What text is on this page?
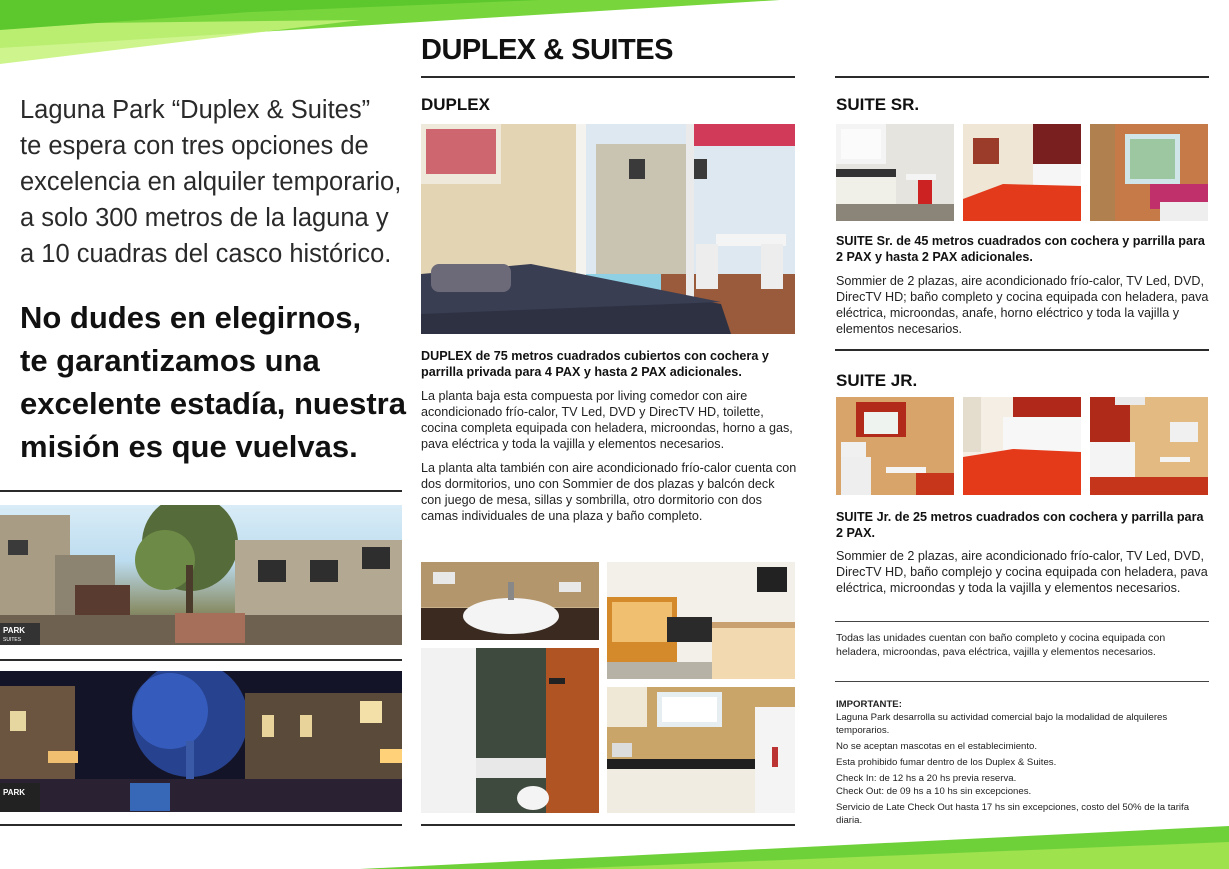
Laguna Park “Duplex & Suites”
te espera con tres opciones de
excelencia en alquiler temporario,
a solo 300 metros de la laguna y
a 10 cuadras del casco histórico.
No dudes en elegirnos,
te garantizamos una
excelente estadía, nuestra
misión es que vuelvas.
PARK
SUITES
PARK
DUPLEX & SUITES
DUPLEX
DUPLEX de 75 metros cuadrados cubiertos con cochera y parrilla privada para 4 PAX y hasta 2 PAX adicionales.
La planta baja esta compuesta por living comedor con aire acondicionado frío-calor, TV Led, DVD y DirecTV HD, toilette, cocina completa equipada con heladera, microondas, horno a gas, pava eléctrica y toda la vajilla y elementos necesarios.
La planta alta también con aire acondicionado frío-calor cuenta con dos dormitorios, uno con Sommier de dos plazas y balcón deck con juego de mesa, sillas y sombrilla, otro dormitorio con dos camas individuales de una plaza y baño completo.
SUITE SR.
SUITE Sr. de 45 metros cuadrados con cochera y parrilla para 2 PAX y hasta 2 PAX adicionales.
Sommier de 2 plazas, aire acondicionado frío-calor, TV Led, DVD, DirecTV HD; baño completo y cocina equipada con heladera, pava eléctrica, microondas, anafe, horno eléctrico y toda la vajilla y elementos necesarios.
SUITE JR.
SUITE Jr. de 25 metros cuadrados con cochera y parrilla para 2 PAX.
Sommier de 2 plazas, aire acondicionado frío-calor, TV Led, DVD, DirecTV HD, baño complejo y cocina equipada con heladera, pava eléctrica, microondas y toda la vajilla y elementos necesarios.
Todas las unidades cuentan con baño completo y cocina equipada con heladera, microondas, pava eléctrica, vajilla y elementos necesarios.
IMPORTANTE:
Laguna Park desarrolla su actividad comercial bajo la modalidad de alquileres temporarios.
No se aceptan mascotas en el establecimiento.
Esta prohibido fumar dentro de los Duplex & Suites.
Check In: de 12 hs a 20 hs previa reserva.
Check Out: de 09 hs a 10 hs sin excepciones.
Servicio de Late Check Out hasta 17 hs sin excepciones, costo del 50% de la tarifa diaria.
